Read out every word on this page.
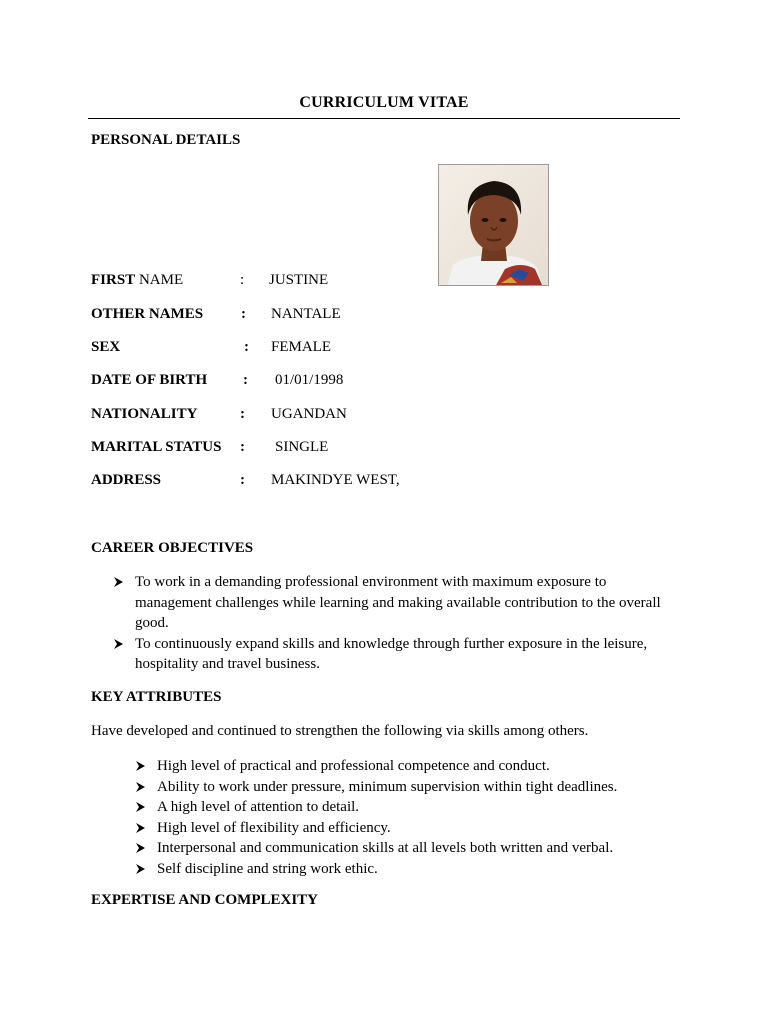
CURRICULUM VITAE
PERSONAL DETAILS
FIRST NAME	: JUSTINE
OTHER NAMES	: NANTALE
SEX	: FEMALE
DATE OF BIRTH : 01/01/1998
NATIONALITY	: UGANDAN
MARITAL STATUS : SINGLE
ADDRESS	: MAKINDYE WEST,
CAREER OBJECTIVES
To work in a demanding professional environment with maximum exposure to
management challenges while learning and making available contribution to the overall
good.
To continuously expand skills and knowledge through further exposure in the leisure,
hospitality and travel business.
KEY ATTRIBUTES
Have developed and continued to strengthen the following via skills among others.
High level of practical and professional competence and conduct.
Ability to work under pressure, minimum supervision within tight deadlines.
A high level of attention to detail.
High level of flexibility and efficiency.
Interpersonal and communication skills at all levels both written and verbal.
Self discipline and string work ethic.
EXPERTISE AND COMPLEXITY
